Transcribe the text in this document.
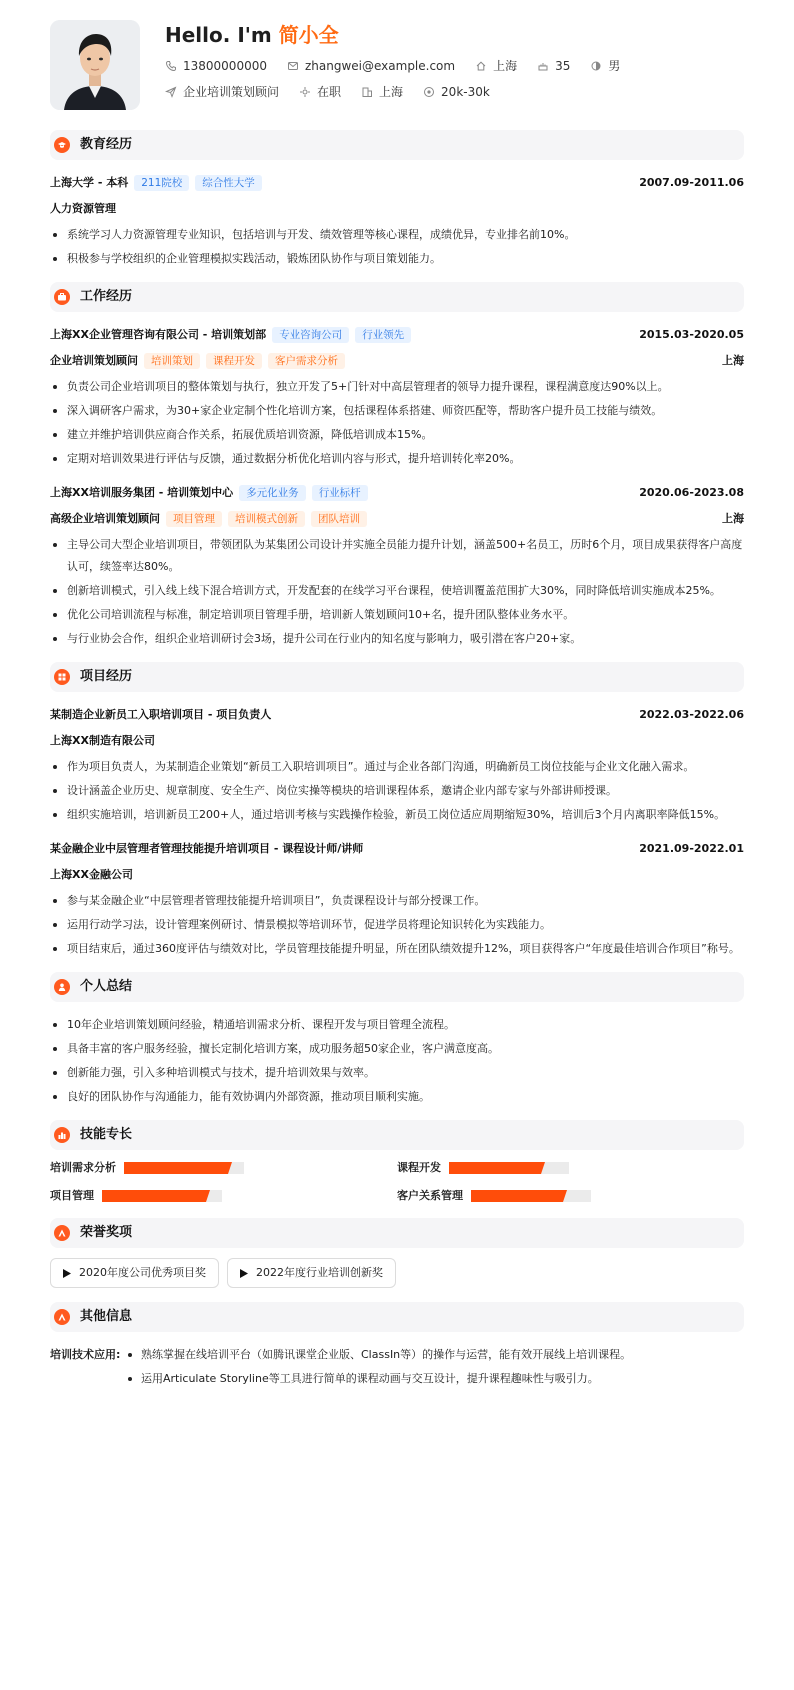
Hello. I'm 简小全
13800000000	zhangwei@example.com	上海	35	男
企业培训策划顾问	在职	上海	20k-30k
教育经历
上海大学 - 本科	211院校	综合性大学	2007.09-2011.06
人力资源管理
系统学习人力资源管理专业知识，包括培训与开发、绩效管理等核心课程，成绩优异，专业排名前10%。
积极参与学校组织的企业管理模拟实践活动，锻炼团队协作与项目策划能力。
工作经历
上海XX企业管理咨询有限公司 - 培训策划部	专业咨询公司	行业领先	2015.03-2020.05
企业培训策划顾问	培训策划	课程开发	客户需求分析	上海
负责公司企业培训项目的整体策划与执行，独立开发了5+门针对中高层管理者的领导力提升课程，课程满意度达90%以上。
深入调研客户需求，为30+家企业定制个性化培训方案，包括课程体系搭建、师资匹配等，帮助客户提升员工技能与绩效。
建立并维护培训供应商合作关系，拓展优质培训资源，降低培训成本15%。
定期对培训效果进行评估与反馈，通过数据分析优化培训内容与形式，提升培训转化率20%。
上海XX培训服务集团 - 培训策划中心	多元化业务	行业标杆	2020.06-2023.08
高级企业培训策划顾问	项目管理	培训模式创新	团队培训	上海
主导公司大型企业培训项目，带领团队为某集团公司设计并实施全员能力提升计划，涵盖500+名员工，历时6个月，项目成果获得客户高度认可，续签率达80%。
创新培训模式，引入线上线下混合培训方式，开发配套的在线学习平台课程，使培训覆盖范围扩大30%，同时降低培训实施成本25%。
优化公司培训流程与标准，制定培训项目管理手册，培训新人策划顾问10+名，提升团队整体业务水平。
与行业协会合作，组织企业培训研讨会3场，提升公司在行业内的知名度与影响力，吸引潜在客户20+家。
项目经历
某制造企业新员工入职培训项目 - 项目负责人	2022.03-2022.06
上海XX制造有限公司
作为项目负责人，为某制造企业策划“新员工入职培训项目”。通过与企业各部门沟通，明确新员工岗位技能与企业文化融入需求。
设计涵盖企业历史、规章制度、安全生产、岗位实操等模块的培训课程体系，邀请企业内部专家与外部讲师授课。
组织实施培训，培训新员工200+人，通过培训考核与实践操作检验，新员工岗位适应周期缩短30%，培训后3个月内离职率降低15%。
某金融企业中层管理者管理技能提升培训项目 - 课程设计师/讲师	2021.09-2022.01
上海XX金融公司
参与某金融企业“中层管理者管理技能提升培训项目”，负责课程设计与部分授课工作。
运用行动学习法，设计管理案例研讨、情景模拟等培训环节，促进学员将理论知识转化为实践能力。
项目结束后，通过360度评估与绩效对比，学员管理技能提升明显，所在团队绩效提升12%，项目获得客户“年度最佳培训合作项目”称号。
个人总结
10年企业培训策划顾问经验，精通培训需求分析、课程开发与项目管理全流程。
具备丰富的客户服务经验，擅长定制化培训方案，成功服务超50家企业，客户满意度高。
创新能力强，引入多种培训模式与技术，提升培训效果与效率。
良好的团队协作与沟通能力，能有效协调内外部资源，推动项目顺利实施。
技能专长
培训需求分析	课程开发
项目管理	客户关系管理
荣誉奖项
2020年度公司优秀项目奖	2022年度行业培训创新奖
其他信息
培训技术应用:	熟练掌握在线培训平台（如腾讯课堂企业版、ClassIn等）的操作与运营，能有效开展线上培训课程。
运用Articulate Storyline等工具进行简单的课程动画与交互设计，提升课程趣味性与吸引力。
